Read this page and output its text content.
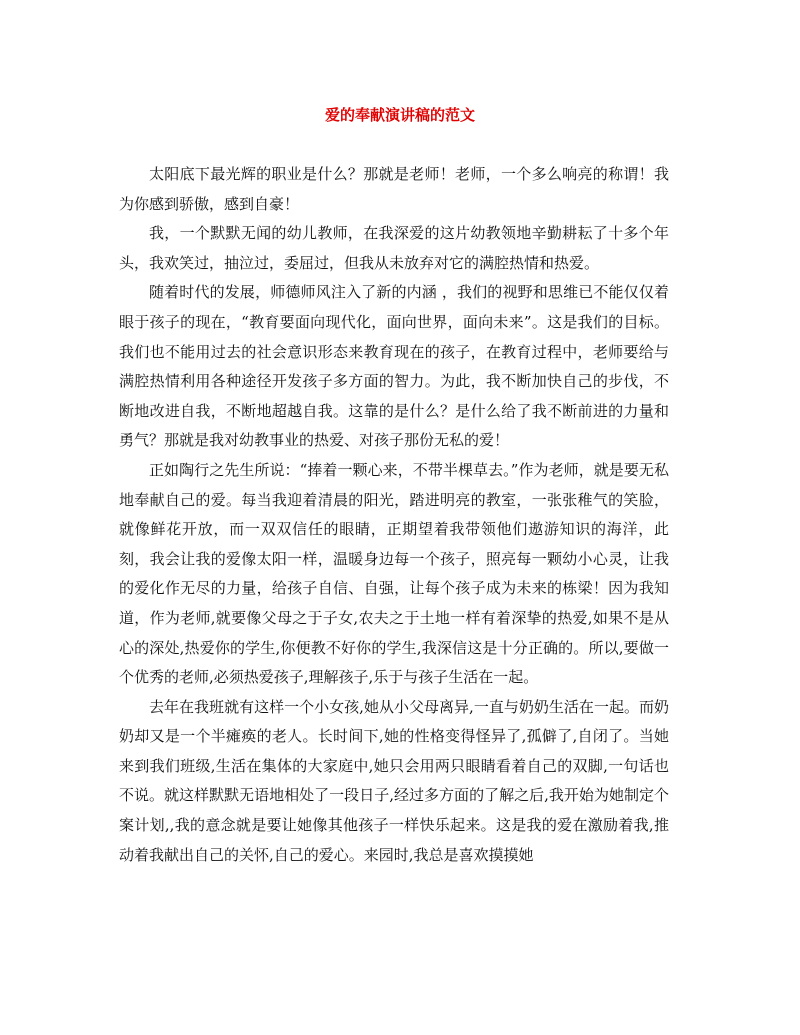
爱的奉献演讲稿的范文

太阳底下最光辉的职业是什么？那就是老师！老师，一个多么响亮的称谓！我为你感到骄傲，感到自豪！

我，一个默默无闻的幼儿教师，在我深爱的这片幼教领地辛勤耕耘了十多个年头，我欢笑过，抽泣过，委屈过，但我从未放弃对它的满腔热情和热爱。

随着时代的发展，师德师风注入了新的内涵 ，我们的视野和思维已不能仅仅着眼于孩子的现在，“教育要面向现代化，面向世界，面向未来”。这是我们的目标。我们也不能用过去的社会意识形态来教育现在的孩子，在教育过程中，老师要给与满腔热情利用各种途径开发孩子多方面的智力。为此，我不断加快自己的步伐，不断地改进自我，不断地超越自我。这靠的是什么？是什么给了我不断前进的力量和勇气？那就是我对幼教事业的热爱、对孩子那份无私的爱！

正如陶行之先生所说：“捧着一颗心来，不带半棵草去。”作为老师，就是要无私地奉献自己的爱。每当我迎着清晨的阳光，踏进明亮的教室，一张张稚气的笑脸，就像鲜花开放，而一双双信任的眼睛，正期望着我带领他们遨游知识的海洋，此刻，我会让我的爱像太阳一样，温暖身边每一个孩子，照亮每一颗幼小心灵，让我的爱化作无尽的力量，给孩子自信、自强，让每个孩子成为未来的栋梁！因为我知道，作为老师,就要像父母之于子女,农夫之于土地一样有着深挚的热爱,如果不是从心的深处,热爱你的学生,你便教不好你的学生,我深信这是十分正确的。所以,要做一个优秀的老师,必须热爱孩子,理解孩子,乐于与孩子生活在一起。

去年在我班就有这样一个小女孩,她从小父母离异,一直与奶奶生活在一起。而奶奶却又是一个半瘫痪的老人。长时间下,她的性格变得怪异了,孤僻了,自闭了。当她来到我们班级,生活在集体的大家庭中,她只会用两只眼睛看着自己的双脚,一句话也不说。就这样默默无语地相处了一段日子,经过多方面的了解之后,我开始为她制定个案计划,,我的意念就是要让她像其他孩子一样快乐起来。这是我的爱在激励着我,推动着我献出自己的关怀,自己的爱心。来园时,我总是喜欢摸摸她
